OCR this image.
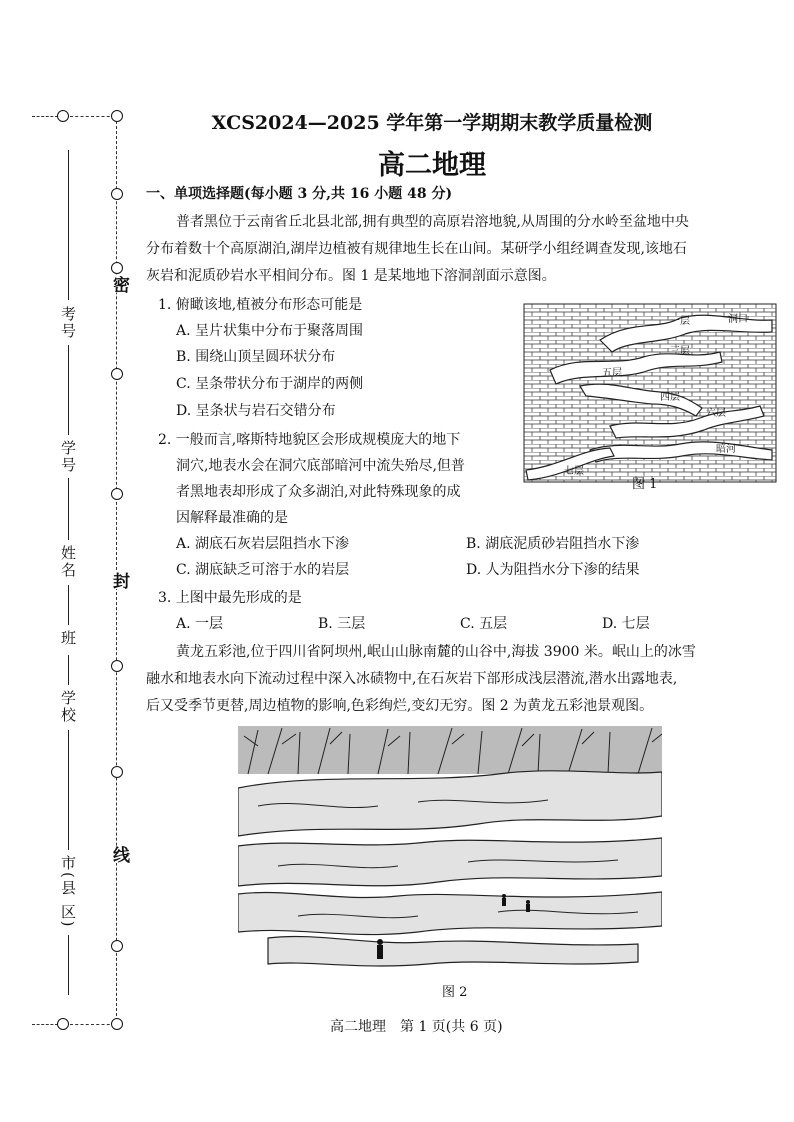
密
封
线
考号
学号
姓名
班
学校
市(县 区)
XCS2024—2025 学年第一学期期末教学质量检测
高二地理
一、单项选择题(每小题 3 分,共 16 小题 48 分)
普者黑位于云南省丘北县北部,拥有典型的高原岩溶地貌,从周围的分水岭至盆地中央
分布着数十个高原湖泊,湖岸边植被有规律地生长在山间。某研学小组经调查发现,该地石
灰岩和泥质砂岩水平相间分布。图 1 是某地地下溶洞剖面示意图。
1. 俯瞰该地,植被分布形态可能是
A. 呈片状集中分布于聚落周围
B. 围绕山顶呈圆环状分布
C. 呈条带状分布于湖岸的两侧
D. 呈条状与岩石交错分布
2. 一般而言,喀斯特地貌区会形成规模庞大的地下
洞穴,地表水会在洞穴底部暗河中流失殆尽,但普
者黑地表却形成了众多湖泊,对此特殊现象的成
因解释最准确的是
A. 湖底石灰岩层阻挡水下渗	B. 湖底泥质砂岩阻挡水下渗
C. 湖底缺乏可溶于水的岩层	D. 人为阻挡水分下渗的结果
3. 上图中最先形成的是
A. 一层	B. 三层	C. 五层	D. 七层
黄龙五彩池,位于四川省阿坝州,岷山山脉南麓的山谷中,海拔 3900 米。岷山上的冰雪
融水和地表水向下流动过程中深入冰碛物中,在石灰岩下部形成浅层潜流,潜水出露地表,
后又受季节更替,周边植物的影响,色彩绚烂,变幻无穷。图 2 为黄龙五彩池景观图。
一层	洞口
三层
四层
五层
六层
暗河
七层
图 1
图 2
高二地理　第 1 页(共 6 页)
